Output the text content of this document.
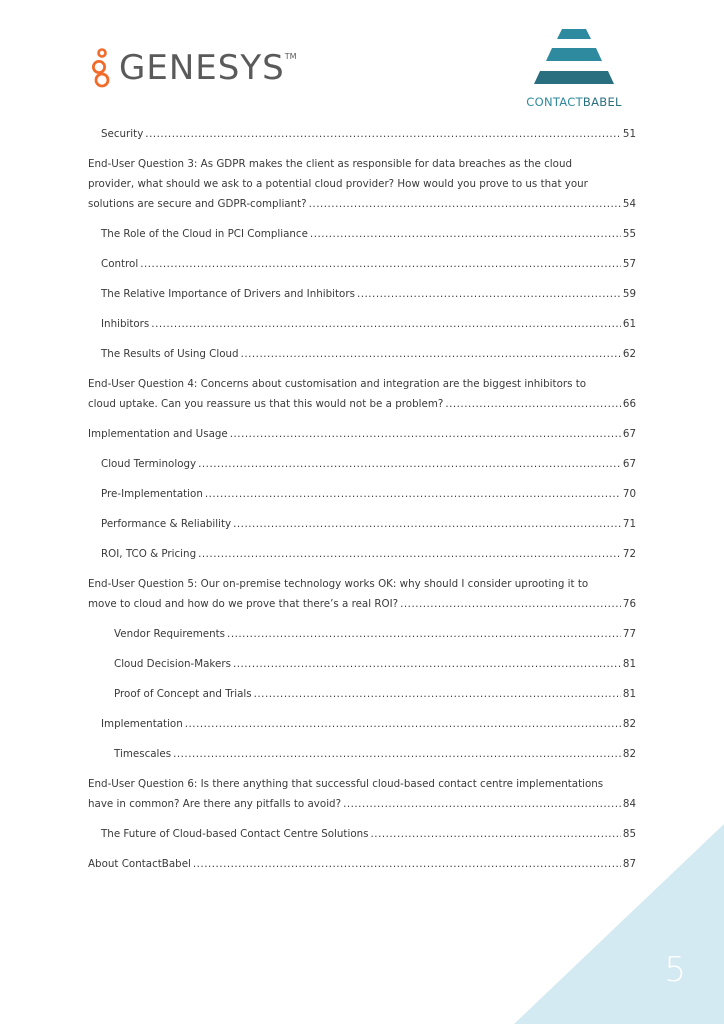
5
GENESYS TM
CONTACTBABEL
Security .....	51
End-User Question 3: As GDPR makes the client as responsible for data breaches as the cloud
provider, what should we ask to a potential cloud provider? How would you prove to us that your
solutions are secure and GDPR-compliant? .....	54
The Role of the Cloud in PCI Compliance .....	55
Control .....	57
The Relative Importance of Drivers and Inhibitors .....	59
Inhibitors .....	61
The Results of Using Cloud .....	62
End-User Question 4: Concerns about customisation and integration are the biggest inhibitors to
cloud uptake. Can you reassure us that this would not be a problem? .....	66
Implementation and Usage .....	67
Cloud Terminology .....	67
Pre-Implementation .....	70
Performance & Reliability .....	71
ROI, TCO & Pricing .....	72
End-User Question 5: Our on-premise technology works OK: why should I consider uprooting it to
move to cloud and how do we prove that there’s a real ROI? .....	76
Vendor Requirements .....	77
Cloud Decision-Makers .....	81
Proof of Concept and Trials .....	81
Implementation .....	82
Timescales .....	82
End-User Question 6: Is there anything that successful cloud-based contact centre implementations
have in common? Are there any pitfalls to avoid? .....	84
The Future of Cloud-based Contact Centre Solutions .....	85
About ContactBabel .....	87
